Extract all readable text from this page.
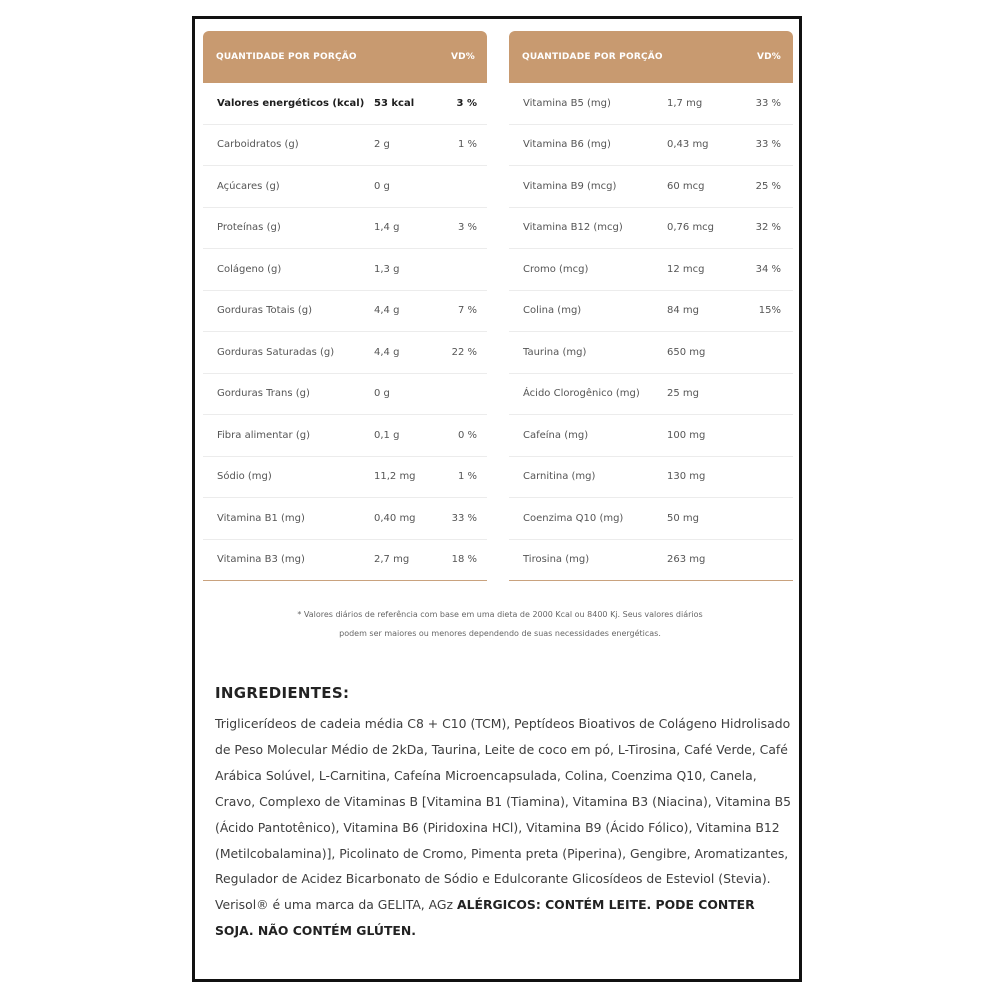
QUANTIDADE POR PORÇÃO	VD%
Valores energéticos (kcal) 53 kcal	3 %
Carboidratos (g)	2 g	1 %
Açúcares (g)	0 g
Proteínas (g)	1,4 g	3 %
Colágeno (g)	1,3 g
Gorduras Totais (g)	4,4 g	7 %
Gorduras Saturadas (g)	4,4 g	22 %
Gorduras Trans (g)	0 g
Fibra alimentar (g)	0,1 g	0 %
Sódio (mg)	11,2 mg	1 %
Vitamina B1 (mg)	0,40 mg	33 %
Vitamina B3 (mg)	2,7 mg	18 %
QUANTIDADE POR PORÇÃO	VD%
Vitamina B5 (mg)	1,7 mg	33 %
Vitamina B6 (mg)	0,43 mg	33 %
Vitamina B9 (mcg)	60 mcg	25 %
Vitamina B12 (mcg)	0,76 mcg	32 %
Cromo (mcg)	12 mcg	34 %
Colina (mg)	84 mg	15%
Taurina (mg)	650 mg
Ácido Clorogênico (mg)	25 mg
Cafeína (mg)	100 mg
Carnitina (mg)	130 mg
Coenzima Q10 (mg)	50 mg
Tirosina (mg)	263 mg
* Valores diários de referência com base em uma dieta de 2000 Kcal ou 8400 Kj. Seus valores diários
podem ser maiores ou menores dependendo de suas necessidades energéticas.
INGREDIENTES:
Triglicerídeos de cadeia média C8 + C10 (TCM), Peptídeos Bioativos de Colágeno Hidrolisado de Peso Molecular Médio de 2kDa, Taurina, Leite de coco em pó, L-Tirosina, Café Verde, Café Arábica Solúvel, L-Carnitina, Cafeína Microencapsulada, Colina, Coenzima Q10, Canela, Cravo, Complexo de Vitaminas B [Vitamina B1 (Tiamina), Vitamina B3 (Niacina), Vitamina B5 (Ácido Pantotênico), Vitamina B6 (Piridoxina HCl), Vitamina B9 (Ácido Fólico), Vitamina B12 (Metilcobalamina)], Picolinato de Cromo, Pimenta preta (Piperina), Gengibre, Aromatizantes, Regulador de Acidez Bicarbonato de Sódio e Edulcorante Glicosídeos de Esteviol (Stevia). Verisol® é uma marca da GELITA, AGz ALÉRGICOS: CONTÉM LEITE. PODE CONTER SOJA. NÃO CONTÉM GLÚTEN.
